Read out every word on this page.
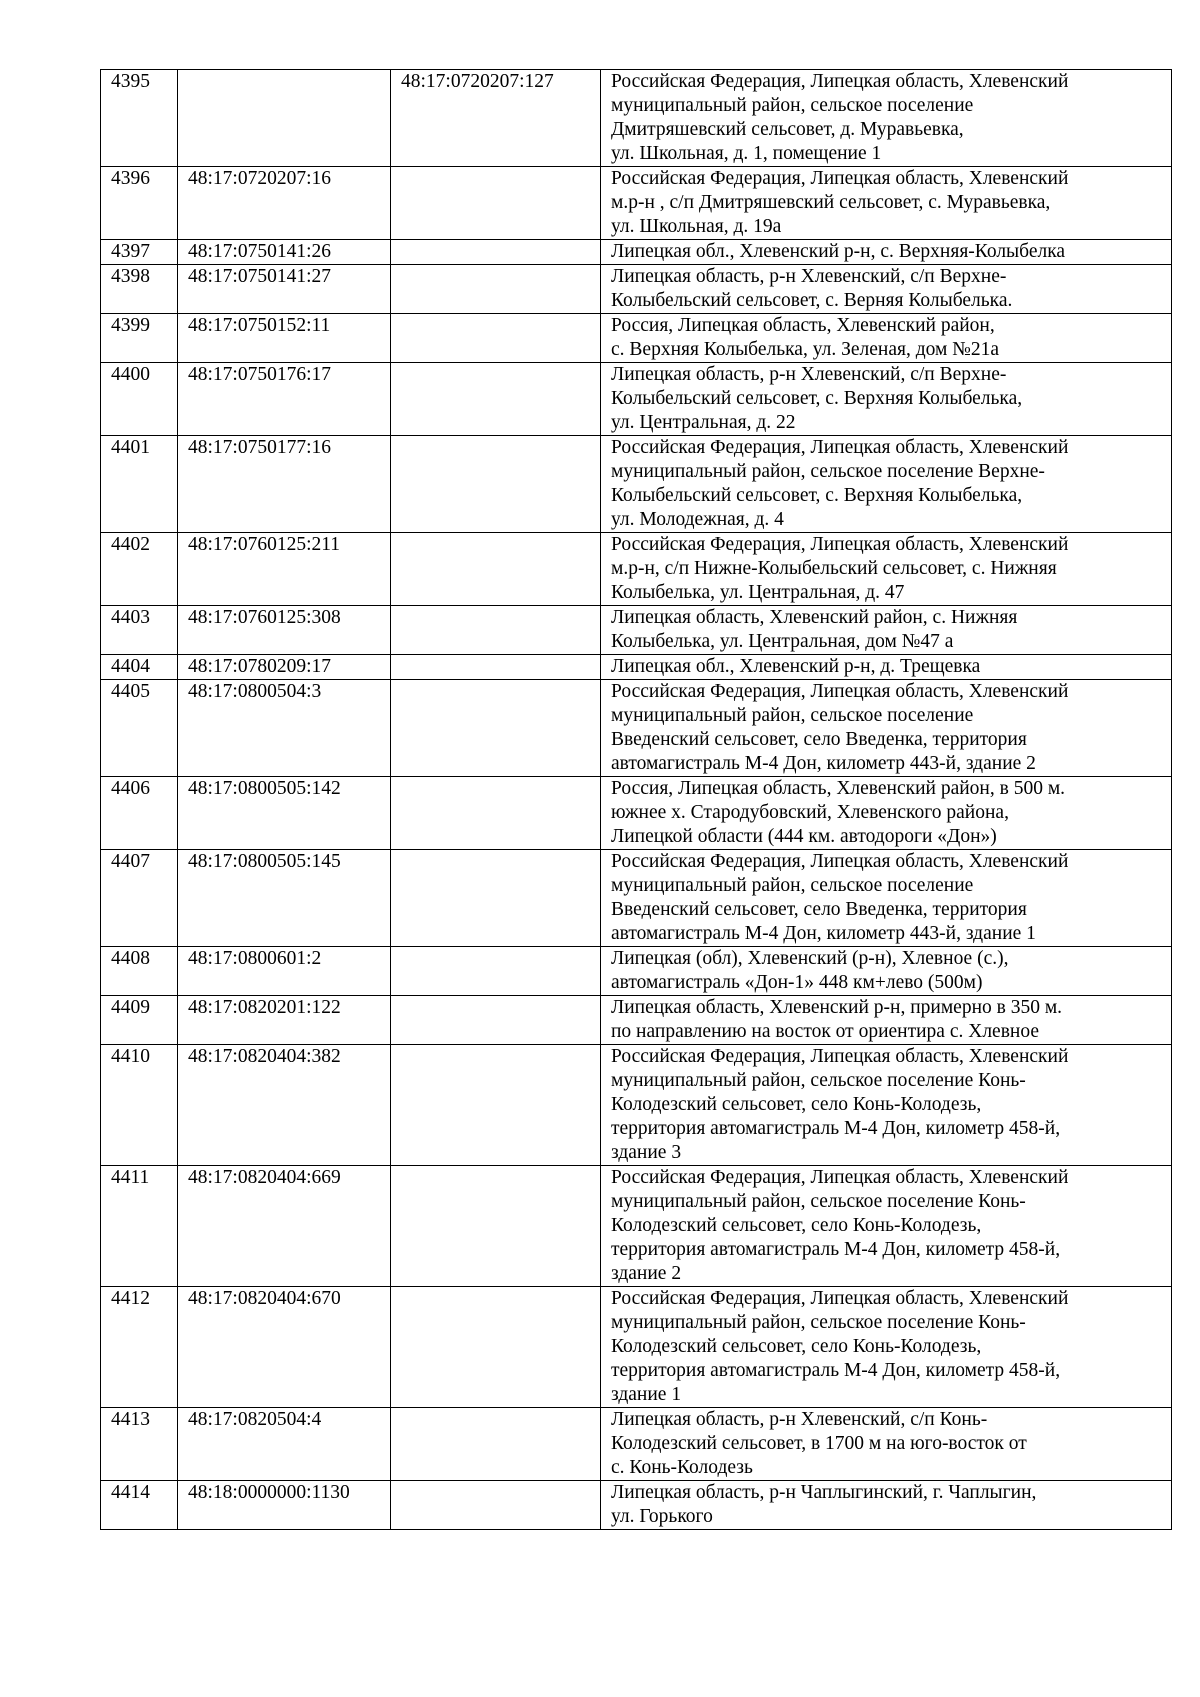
4395		48:17:0720207:127	Российская Федерация, Липецкая область, Хлевенский
муниципальный район, сельское поселение
Дмитряшевский сельсовет, д. Муравьевка,
ул. Школьная, д. 1, помещение 1

4396	48:17:0720207:16		Российская Федерация, Липецкая область, Хлевенский
м.р-н , с/п Дмитряшевский сельсовет, с. Муравьевка,
ул. Школьная, д. 19а

4397	48:17:0750141:26		Липецкая обл., Хлевенский р-н, с. Верхняя-Колыбелка

4398	48:17:0750141:27		Липецкая область, р-н Хлевенский, с/п Верхне-
Колыбельский сельсовет, с. Верняя Колыбелька.

4399	48:17:0750152:11		Россия, Липецкая область, Хлевенский район,
с. Верхняя Колыбелька, ул. Зеленая, дом №21а

4400	48:17:0750176:17		Липецкая область, р-н Хлевенский, с/п Верхне-
Колыбельский сельсовет, с. Верхняя Колыбелька,
ул. Центральная, д. 22

4401	48:17:0750177:16		Российская Федерация, Липецкая область, Хлевенский
муниципальный район, сельское поселение Верхне-
Колыбельский сельсовет, с. Верхняя Колыбелька,
ул. Молодежная, д. 4

4402	48:17:0760125:211		Российская Федерация, Липецкая область, Хлевенский
м.р-н, с/п Нижне-Колыбельский сельсовет, с. Нижняя
Колыбелька, ул. Центральная, д. 47

4403	48:17:0760125:308		Липецкая область, Хлевенский район, с. Нижняя
Колыбелька, ул. Центральная, дом №47 а

4404	48:17:0780209:17		Липецкая обл., Хлевенский р-н, д. Трещевка

4405	48:17:0800504:3		Российская Федерация, Липецкая область, Хлевенский
муниципальный район, сельское поселение
Введенский сельсовет, село Введенка, территория
автомагистраль М-4 Дон, километр 443-й, здание 2

4406	48:17:0800505:142		Россия, Липецкая область, Хлевенский район, в 500 м.
южнее х. Стародубовский, Хлевенского района,
Липецкой области (444 км. автодороги «Дон»)

4407	48:17:0800505:145		Российская Федерация, Липецкая область, Хлевенский
муниципальный район, сельское поселение
Введенский сельсовет, село Введенка, территория
автомагистраль М-4 Дон, километр 443-й, здание 1

4408	48:17:0800601:2		Липецкая (обл), Хлевенский (р-н), Хлевное (с.),
автомагистраль «Дон-1» 448 км+лево (500м)

4409	48:17:0820201:122		Липецкая область, Хлевенский р-н, примерно в 350 м.
по направлению на восток от ориентира с. Хлевное

4410	48:17:0820404:382		Российская Федерация, Липецкая область, Хлевенский
муниципальный район, сельское поселение Конь-
Колодезский сельсовет, село Конь-Колодезь,
территория автомагистраль М-4 Дон, километр 458-й,
здание 3

4411	48:17:0820404:669		Российская Федерация, Липецкая область, Хлевенский
муниципальный район, сельское поселение Конь-
Колодезский сельсовет, село Конь-Колодезь,
территория автомагистраль М-4 Дон, километр 458-й,
здание 2

4412	48:17:0820404:670		Российская Федерация, Липецкая область, Хлевенский
муниципальный район, сельское поселение Конь-
Колодезский сельсовет, село Конь-Колодезь,
территория автомагистраль М-4 Дон, километр 458-й,
здание 1

4413	48:17:0820504:4		Липецкая область, р-н Хлевенский, с/п Конь-
Колодезский сельсовет, в 1700 м на юго-восток от
с. Конь-Колодезь

4414	48:18:0000000:1130		Липецкая область, р-н Чаплыгинский, г. Чаплыгин,
ул. Горького
